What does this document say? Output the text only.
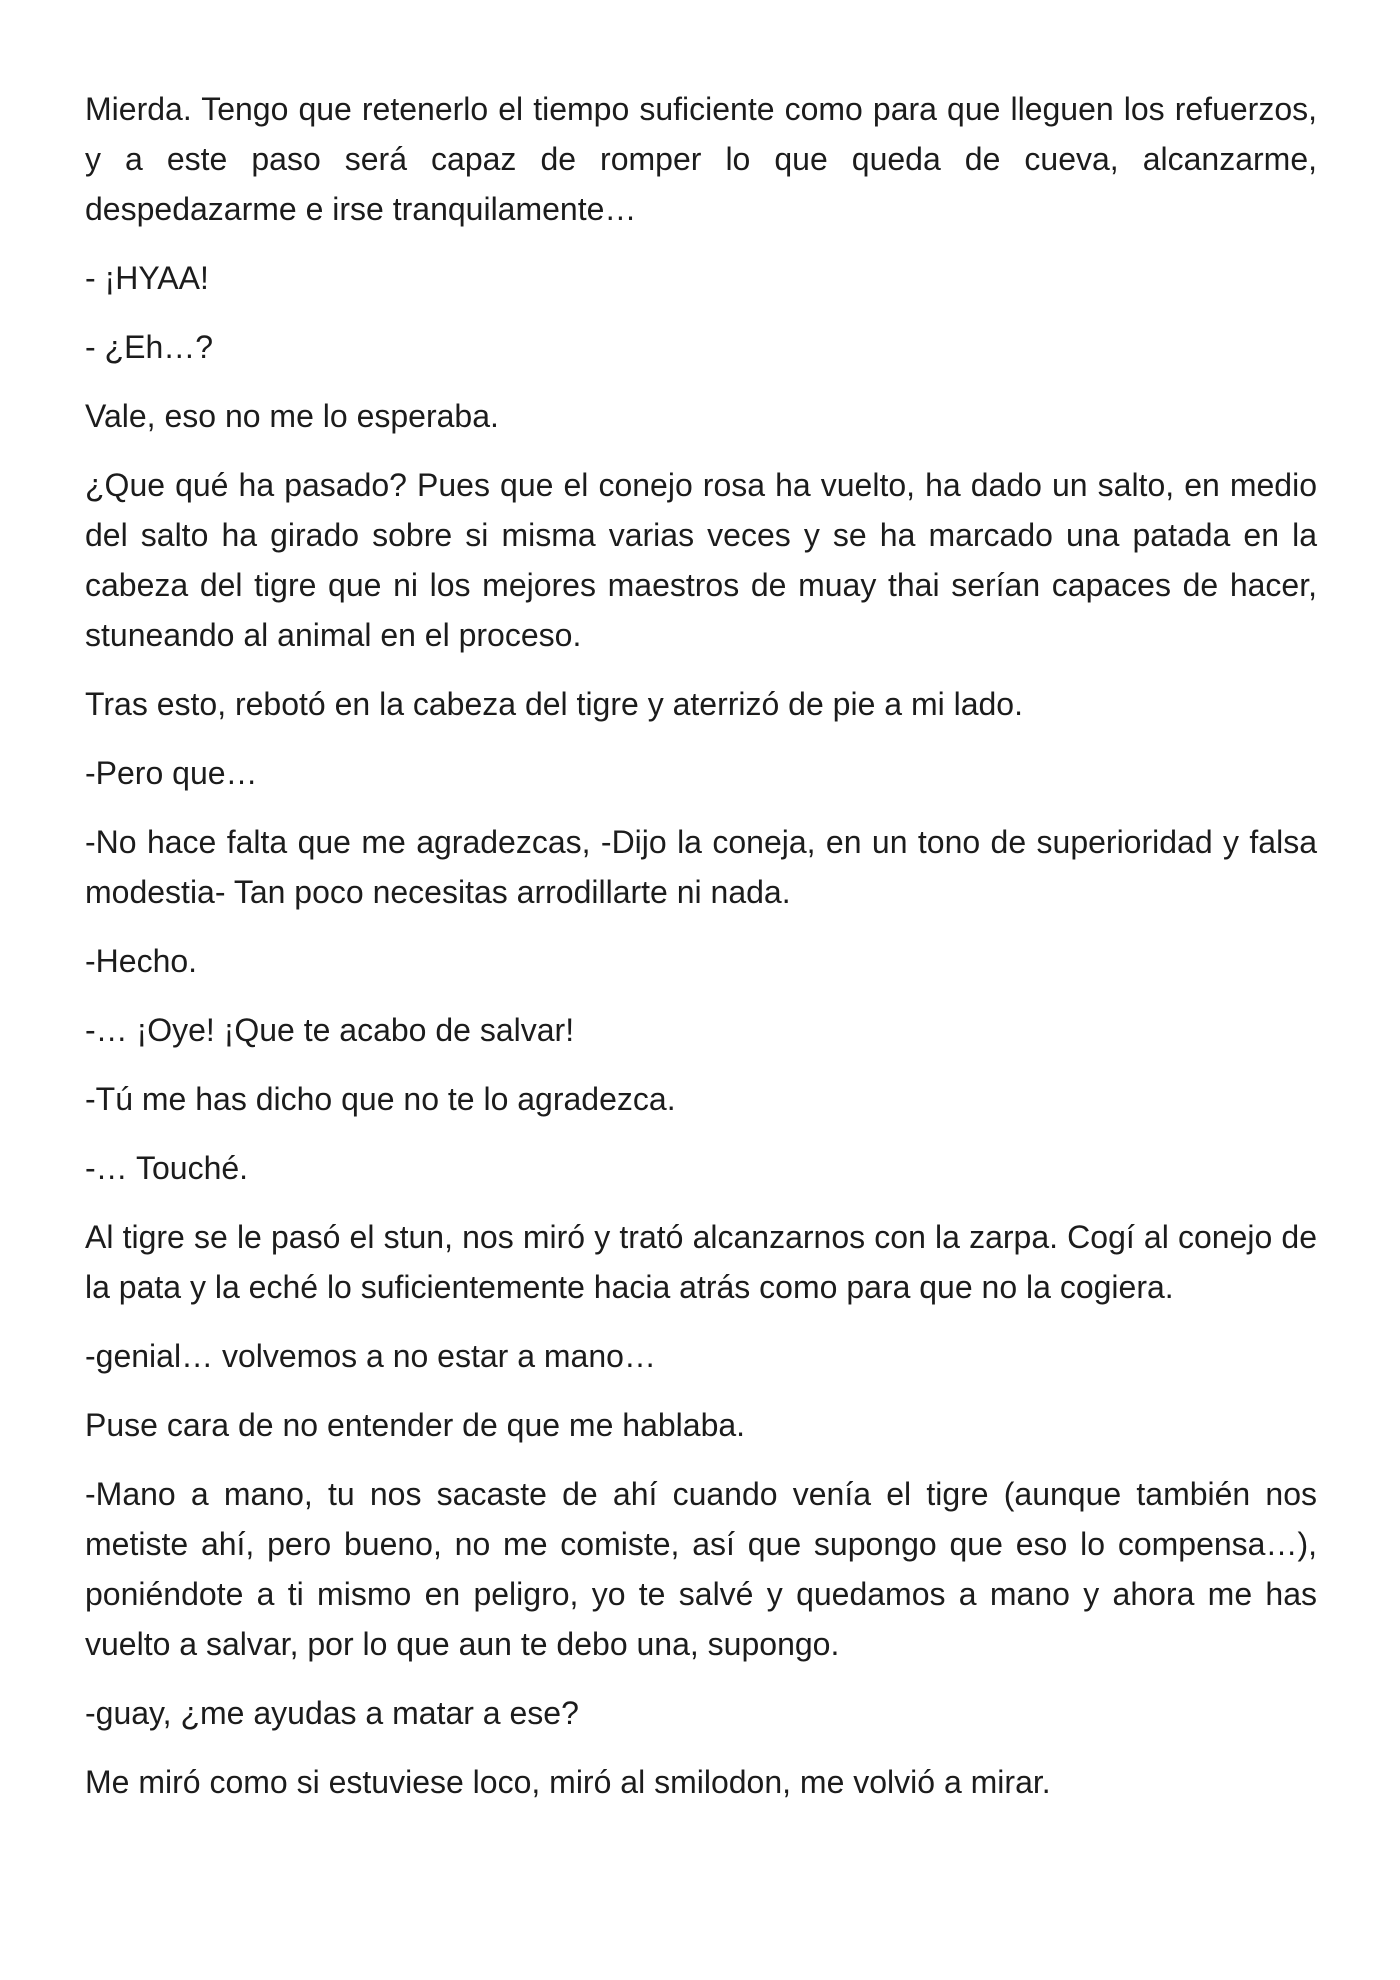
Mierda. Tengo que retenerlo el tiempo suficiente como para que lleguen los refuerzos, y a este paso será capaz de romper lo que queda de cueva, alcanzarme, despedazarme e irse tranquilamente…

- ¡HYAA!

- ¿Eh…?

Vale, eso no me lo esperaba.

¿Que qué ha pasado? Pues que el conejo rosa ha vuelto, ha dado un salto, en medio del salto ha girado sobre si misma varias veces y se ha marcado una patada en la cabeza del tigre que ni los mejores maestros de muay thai serían capaces de hacer, stuneando al animal en el proceso.

Tras esto, rebotó en la cabeza del tigre y aterrizó de pie a mi lado.

-Pero que…

-No hace falta que me agradezcas, -Dijo la coneja, en un tono de superioridad y falsa modestia- Tan poco necesitas arrodillarte ni nada.

-Hecho.

-… ¡Oye! ¡Que te acabo de salvar!

-Tú me has dicho que no te lo agradezca.

-… Touché.

Al tigre se le pasó el stun, nos miró y trató alcanzarnos con la zarpa. Cogí al conejo de la pata y la eché lo suficientemente hacia atrás como para que no la cogiera.

-genial… volvemos a no estar a mano…

Puse cara de no entender de que me hablaba.

-Mano a mano, tu nos sacaste de ahí cuando venía el tigre (aunque también nos metiste ahí, pero bueno, no me comiste, así que supongo que eso lo compensa…), poniéndote a ti mismo en peligro, yo te salvé y quedamos a mano y ahora me has vuelto a salvar, por lo que aun te debo una, supongo.

-guay, ¿me ayudas a matar a ese?

Me miró como si estuviese loco, miró al smilodon, me volvió a mirar.
